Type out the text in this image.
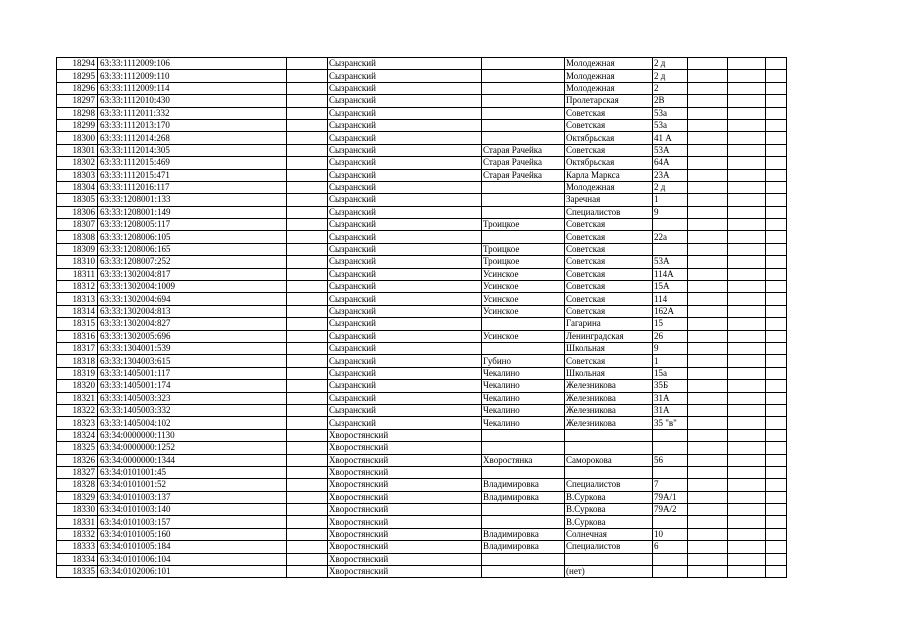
18294	63:33:1112009:106		Сызранский		Молодежная	2 д			
18295	63:33:1112009:110		Сызранский		Молодежная	2 д			
18296	63:33:1112009:114		Сызранский		Молодежная	2			
18297	63:33:1112010:430		Сызранский		Пролетарская	2В			
18298	63:33:1112011:332		Сызранский		Советская	53а			
18299	63:33:1112013:170		Сызранский		Советская	53а			
18300	63:33:1112014:268		Сызранский		Октябрьская	41 А			
18301	63:33:1112014:305		Сызранский	Старая Рачейка	Советская	53А			
18302	63:33:1112015:469		Сызранский	Старая Рачейка	Октябрьская	64А			
18303	63:33:1112015:471		Сызранский	Старая Рачейка	Карла Маркса	23А			
18304	63:33:1112016:117		Сызранский		Молодежная	2 д			
18305	63:33:1208001:133		Сызранский		Заречная	1			
18306	63:33:1208001:149		Сызранский		Специалистов	9			
18307	63:33:1208005:117		Сызранский	Троицкое	Советская				
18308	63:33:1208006:105		Сызранский		Советская	22а			
18309	63:33:1208006:165		Сызранский	Троицкое	Советская				
18310	63:33:1208007:252		Сызранский	Троицкое	Советская	53А			
18311	63:33:1302004:817		Сызранский	Усинское	Советская	114А			
18312	63:33:1302004:1009		Сызранский	Усинское	Советская	15А			
18313	63:33:1302004:694		Сызранский	Усинское	Советская	114			
18314	63:33:1302004:813		Сызранский	Усинское	Советская	162А			
18315	63:33:1302004:827		Сызранский		Гагарина	15			
18316	63:33:1302005:696		Сызранский	Усинское	Ленинградская	26			
18317	63:33:1304001:539		Сызранский		Школьная	9			
18318	63:33:1304003:615		Сызранский	Губино	Советская	1			
18319	63:33:1405001:117		Сызранский	Чекалино	Школьная	15а			
18320	63:33:1405001:174		Сызранский	Чекалино	Железникова	35Б			
18321	63:33:1405003:323		Сызранский	Чекалино	Железникова	31А			
18322	63:33:1405003:332		Сызранский	Чекалино	Железникова	31А			
18323	63:33:1405004:102		Сызранский	Чекалино	Железникова	35 "в"			
18324	63:34:0000000:1130		Хворостянский						
18325	63:34:0000000:1252		Хворостянский						
18326	63:34:0000000:1344		Хворостянский	Хворостянка	Саморокова	56			
18327	63:34:0101001:45		Хворостянский						
18328	63:34:0101001:52		Хворостянский	Владимировка	Специалистов	7			
18329	63:34:0101003:137		Хворостянский	Владимировка	В.Суркова	79А/1			
18330	63:34:0101003:140		Хворостянский		В.Суркова	79А/2			
18331	63:34:0101003:157		Хворостянский		В.Суркова				
18332	63:34:0101005:160		Хворостянский	Владимировка	Солнечная	10			
18333	63:34:0101005:184		Хворостянский	Владимировка	Специалистов	6			
18334	63:34:0101006:104		Хворостянский						
18335	63:34:0102006:101		Хворостянский		(нет)				
